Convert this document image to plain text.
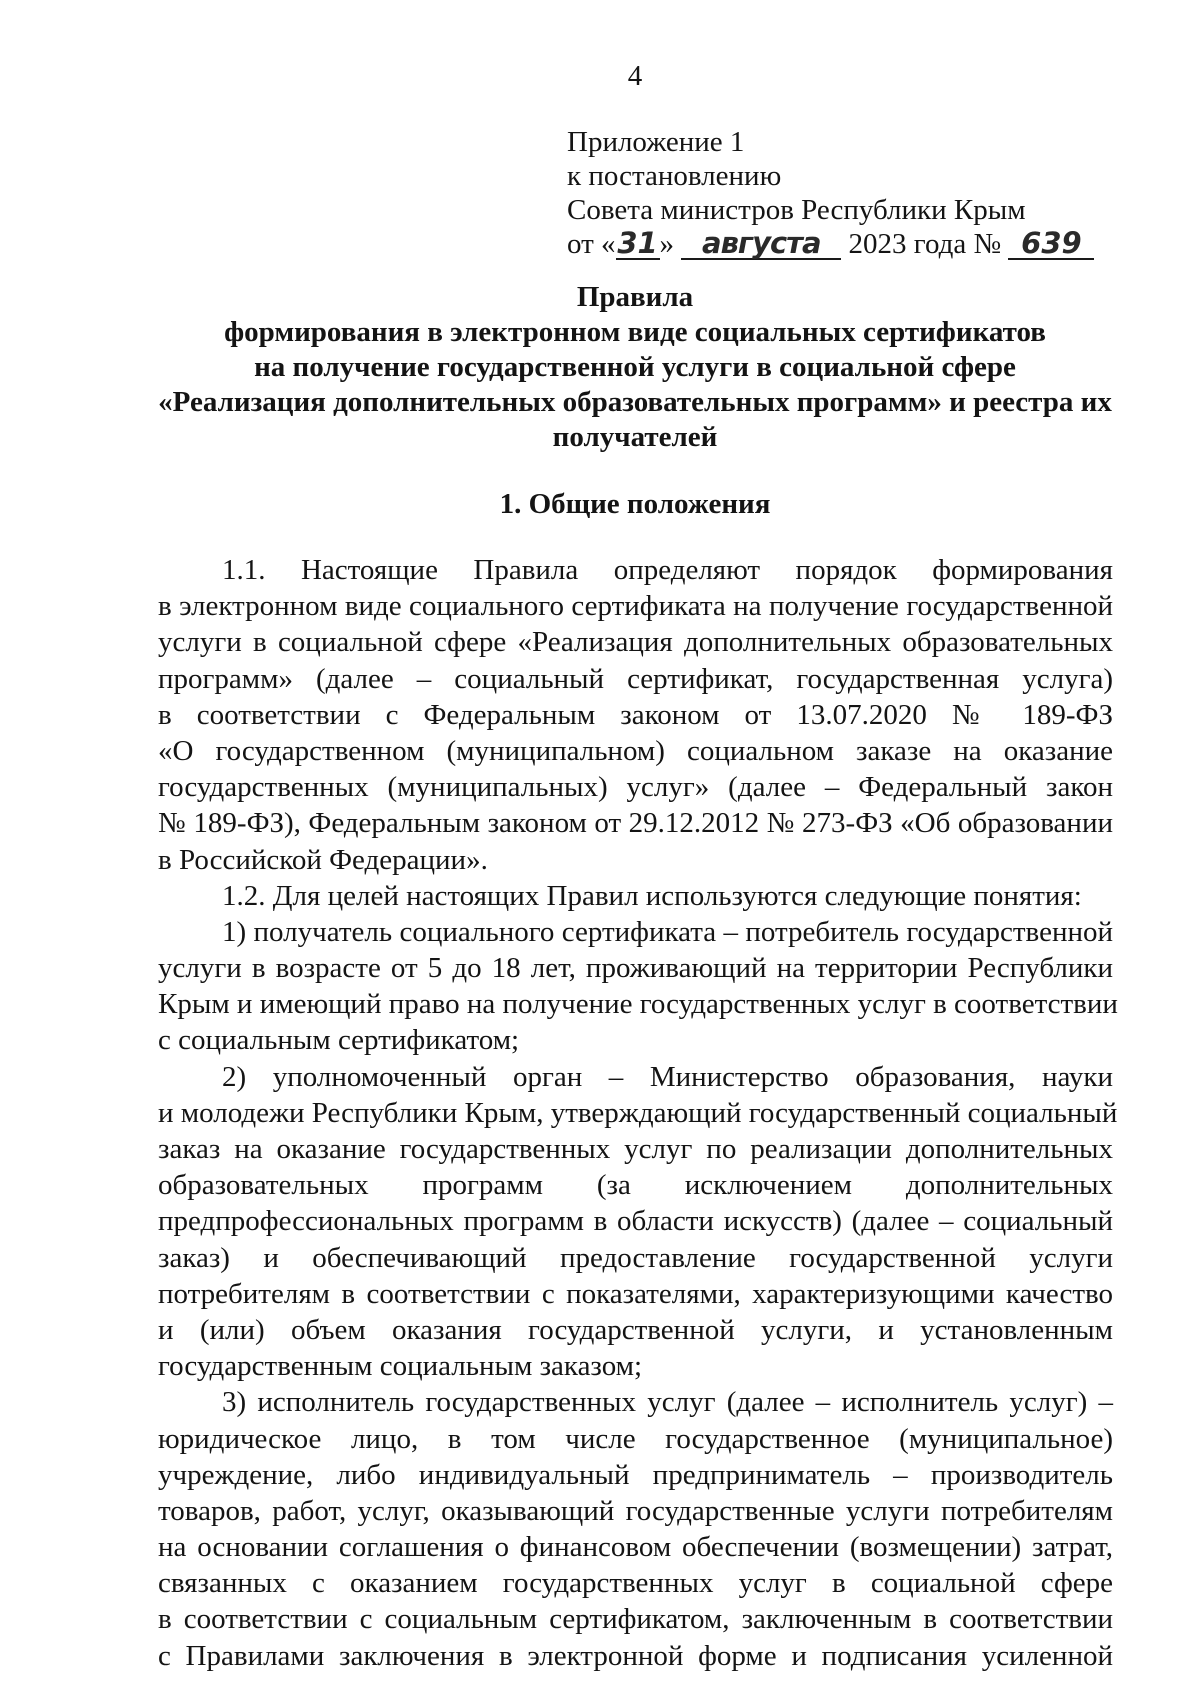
4
Приложение 1
к постановлению
Совета министров Республики Крым
от «31» августа 2023 года № 639
Правила
формирования в электронном виде социальных сертификатов
на получение государственной услуги в социальной сфере
«Реализация дополнительных образовательных программ» и реестра их
получателей
1. Общие положения
1.1. Настоящие Правила определяют порядок формирования
в электронном виде социального сертификата на получение государственной
услуги в социальной сфере «Реализация дополнительных образовательных
программ» (далее – социальный сертификат, государственная услуга)
в соответствии с Федеральным законом от 13.07.2020 № 189-ФЗ
«О государственном (муниципальном) социальном заказе на оказание
государственных (муниципальных) услуг» (далее – Федеральный закон
№ 189-ФЗ), Федеральным законом от 29.12.2012 № 273-ФЗ «Об образовании
в Российской Федерации».
1.2. Для целей настоящих Правил используются следующие понятия:
1) получатель социального сертификата – потребитель государственной
услуги в возрасте от 5 до 18 лет, проживающий на территории Республики
Крым и имеющий право на получение государственных услуг в соответствии
с социальным сертификатом;
2) уполномоченный орган – Министерство образования, науки
и молодежи Республики Крым, утверждающий государственный социальный
заказ на оказание государственных услуг по реализации дополнительных
образовательных программ (за исключением дополнительных
предпрофессиональных программ в области искусств) (далее – социальный
заказ) и обеспечивающий предоставление государственной услуги
потребителям в соответствии с показателями, характеризующими качество
и (или) объем оказания государственной услуги, и установленным
государственным социальным заказом;
3) исполнитель государственных услуг (далее – исполнитель услуг) –
юридическое лицо, в том числе государственное (муниципальное)
учреждение, либо индивидуальный предприниматель – производитель
товаров, работ, услуг, оказывающий государственные услуги потребителям
на основании соглашения о финансовом обеспечении (возмещении) затрат,
связанных с оказанием государственных услуг в социальной сфере
в соответствии с социальным сертификатом, заключенным в соответствии
с Правилами заключения в электронной форме и подписания усиленной
